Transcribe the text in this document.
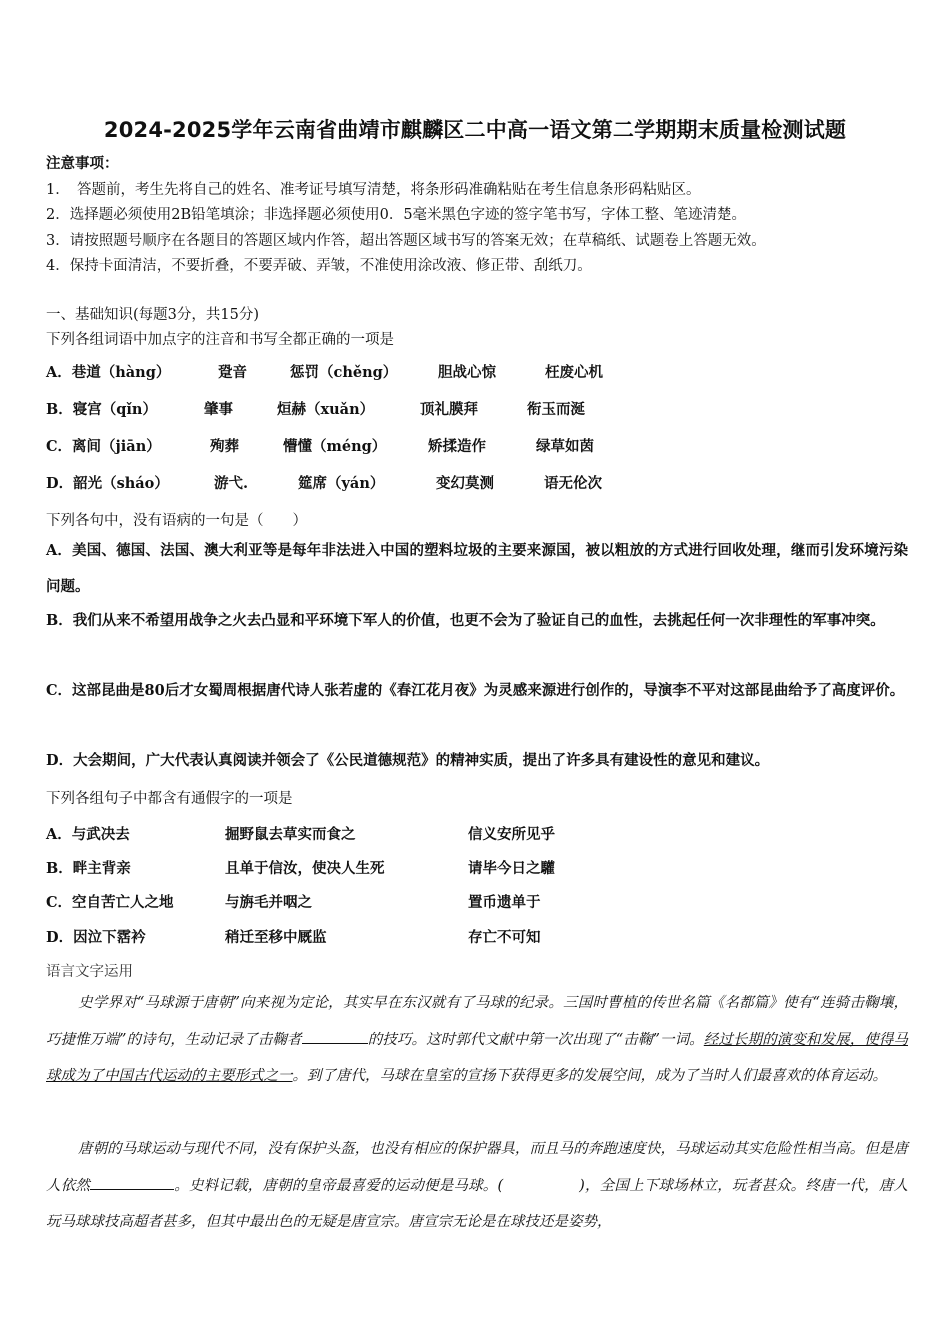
2024-2025学年云南省曲靖市麒麟区二中高一语文第二学期期末质量检测试题
注意事项：
1．　答题前，考生先将自己的姓名、准考证号填写清楚，将条形码准确粘贴在考生信息条形码粘贴区。
2．选择题必须使用2B铅笔填涂；非选择题必须使用0．5毫米黑色字迹的签字笔书写，字体工整、笔迹清楚。
3．请按照题号顺序在各题目的答题区域内作答，超出答题区域书写的答案无效；在草稿纸、试题卷上答题无效。
4．保持卡面清洁，不要折叠，不要弄破、弄皱，不准使用涂改液、修正带、刮纸刀。
一、基础知识(每题3分，共15分)
下列各组词语中加点字的注音和书写全都正确的一项是
A．巷道（hàng）	跫音	惩罚（chěng）	胆战心惊	枉废心机
B．寝宫（qǐn）	肇事	烜赫（xuǎn）	顶礼膜拜	衔玉而涎
C．离间（jiān）	殉葬	懵懂（méng）	矫揉造作	绿草如茵
D．韶光（sháo）	游弋.	筵席（yán）	变幻莫测	语无伦次
下列各句中，没有语病的一句是（　　）
A．美国、德国、法国、澳大利亚等是每年非法进入中国的塑料垃圾的主要来源国，被以粗放的方式进行回收处理，继而引发环境污染问题。
B．我们从来不希望用战争之火去凸显和平环境下军人的价值，也更不会为了验证自己的血性，去挑起任何一次非理性的军事冲突。
C．这部昆曲是80后才女蜀周根据唐代诗人张若虚的《春江花月夜》为灵感来源进行创作的，导演李不平对这部昆曲给予了高度评价。
D．大会期间，广大代表认真阅读并领会了《公民道德规范》的精神实质，提出了许多具有建设性的意见和建议。
下列各组句子中都含有通假字的一项是
A．与武决去	掘野鼠去草实而食之	信义安所见乎
B．畔主背亲	且单于信汝，使决人生死	请毕今日之驩
C．空自苦亡人之地	与旃毛并咽之	置币遗单于
D．因泣下霑衿	稍迁至移中厩监	存亡不可知
语言文字运用
史学界对“马球源于唐朝”向来视为定论，其实早在东汉就有了马球的纪录。三国时曹植的传世名篇《名都篇》使有“连骑击鞠壤，巧捷惟万端”的诗句，生动记录了击鞠者	的技巧。这时郭代文献中第一次出现了“击鞠”一词。经过长期的演变和发展，使得马球成为了中国古代运动的主要形式之一。到了唐代，马球在皇室的宣扬下获得更多的发展空间，成为了当时人们最喜欢的体育运动。
唐朝的马球运动与现代不同，没有保护头盔，也没有相应的保护器具，而且马的奔跑速度快，马球运动其实危险性相当高。但是唐人依然	。史料记载，唐朝的皇帝最喜爱的运动便是马球。(	)，全国上下球场林立，玩者甚众。终唐一代，唐人玩马球球技高超者甚多，但其中最出色的无疑是唐宣宗。唐宣宗无论是在球技还是姿势，
